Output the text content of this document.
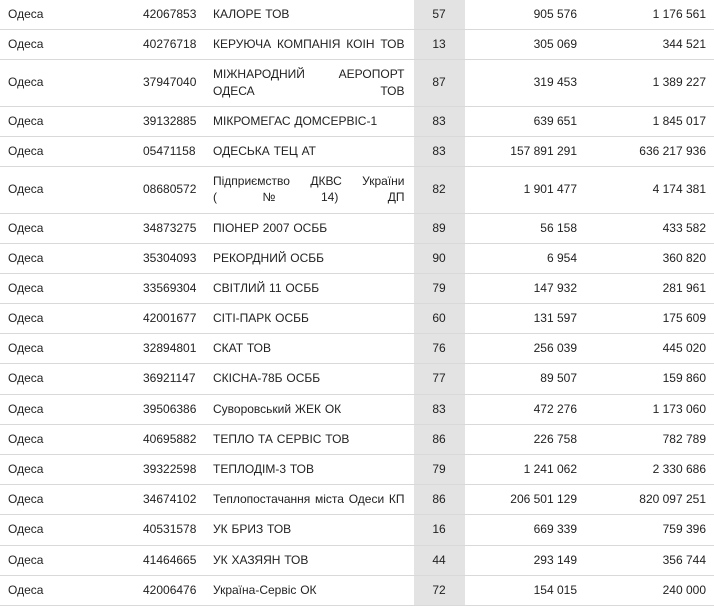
Одеса	42067853	КАЛОРЕ ТОВ	57	905 576	1 176 561
Одеса	40276718	КЕРУЮЧА КОМПАНІЯ КОІН ТОВ	13	305 069	344 521
Одеса	37947040	МІЖНАРОДНИЙ АЕРОПОРТ ОДЕСА ТОВ	87	319 453	1 389 227
Одеса	39132885	МІКРОМЕГАС ДОМСЕРВІС-1	83	639 651	1 845 017
Одеса	05471158	ОДЕСЬКА ТЕЦ АТ	83	157 891 291	636 217 936
Одеса	08680572	Підприємство ДКВС України (№14) ДП	82	1 901 477	4 174 381
Одеса	34873275	ПІОНЕР 2007 ОСББ	89	56 158	433 582
Одеса	35304093	РЕКОРДНИЙ ОСББ	90	6 954	360 820
Одеса	33569304	СВІТЛИЙ 11 ОСББ	79	147 932	281 961
Одеса	42001677	СІТІ-ПАРК ОСББ	60	131 597	175 609
Одеса	32894801	СКАТ ТОВ	76	256 039	445 020
Одеса	36921147	СКІСНА-78Б ОСББ	77	89 507	159 860
Одеса	39506386	Суворовський ЖЕК ОК	83	472 276	1 173 060
Одеса	40695882	ТЕПЛО ТА СЕРВІС ТОВ	86	226 758	782 789
Одеса	39322598	ТЕПЛОДІМ-3 ТОВ	79	1 241 062	2 330 686
Одеса	34674102	Теплопостачання міста Одеси КП	86	206 501 129	820 097 251
Одеса	40531578	УК БРИЗ ТОВ	16	669 339	759 396
Одеса	41464665	УК ХАЗЯЯН ТОВ	44	293 149	356 744
Одеса	42006476	Україна-Сервіс ОК	72	154 015	240 000
